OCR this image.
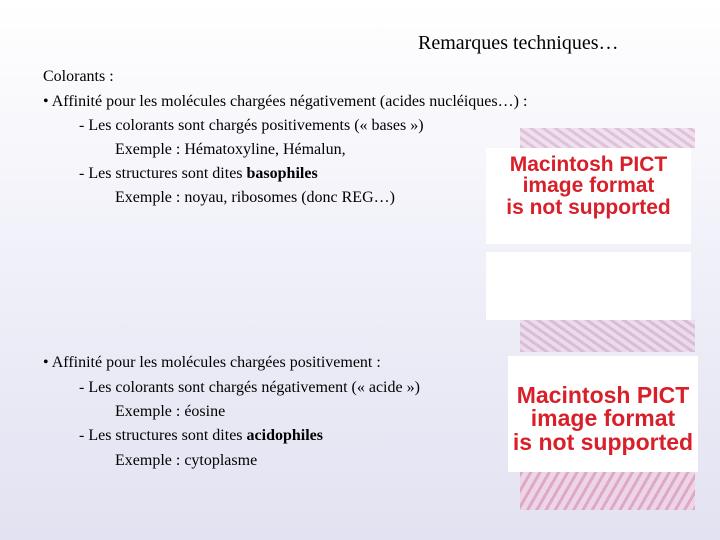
Remarques techniques…
Colorants :
• Affinité pour les molécules chargées négativement (acides nucléiques…) :
- Les colorants sont chargés positivements (« bases »)
Exemple : Hématoxyline, Hémalun,
- Les structures sont dites basophiles
Exemple : noyau, ribosomes (donc REG…)
• Affinité pour les molécules chargées positivement :
- Les colorants sont chargés négativement (« acide »)
Exemple : éosine
- Les structures sont dites acidophiles
Exemple : cytoplasme
Macintosh PICT
image format
is not supported
Macintosh PICT
image format
is not supported
